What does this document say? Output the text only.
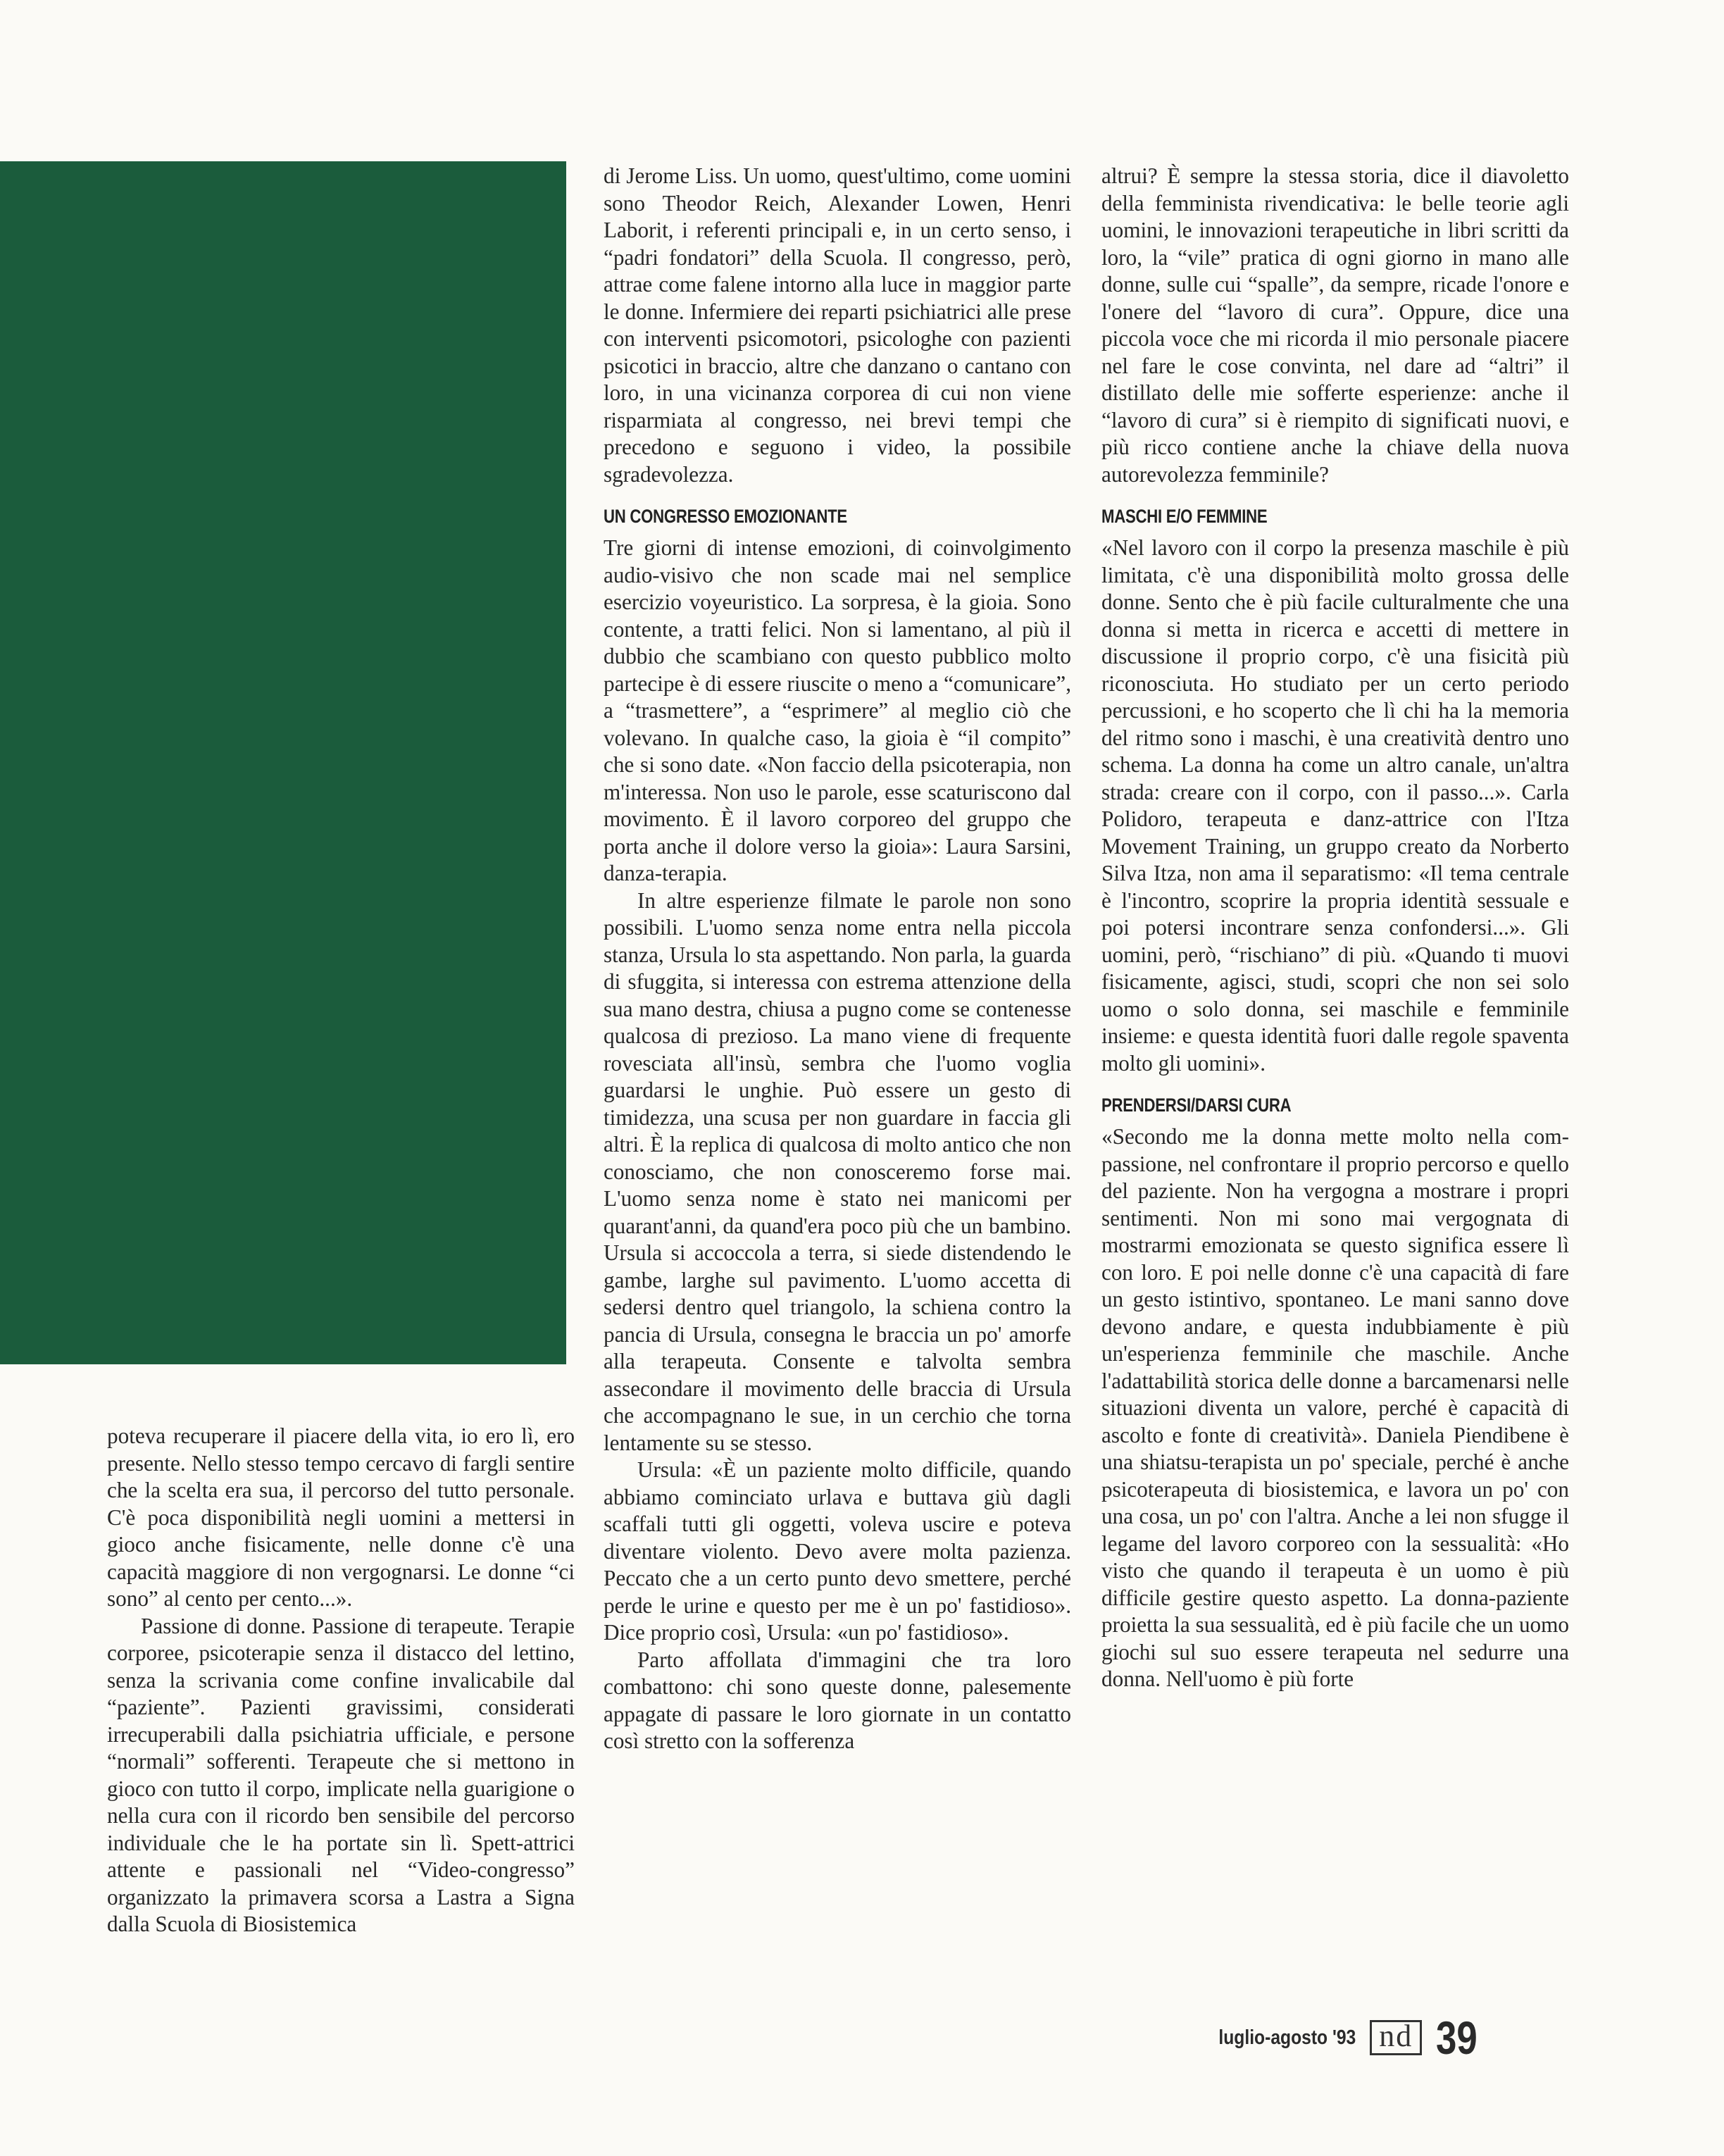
poteva recuperare il piacere della vita, io ero lì, ero presente. Nello stesso tempo cercavo di fargli sentire che la scelta era sua, il percorso del tutto personale. C'è poca disponibilità negli uomini a mettersi in gioco anche fisicamente, nelle donne c'è una capacità maggiore di non vergognarsi. Le donne “ci sono” al cento per cento...».

Passione di donne. Passione di terapeute. Terapie corporee, psicoterapie senza il distacco del lettino, senza la scrivania come confine invalicabile dal “paziente”. Pazienti gravissimi, considerati irrecuperabili dalla psichiatria ufficiale, e persone “normali” sofferenti. Terapeute che si mettono in gioco con tutto il corpo, implicate nella guarigione o nella cura con il ricordo ben sensibile del percorso individuale che le ha portate sin lì. Spett-attrici attente e passionali nel “Video-congresso” organizzato la primavera scorsa a Lastra a Signa dalla Scuola di Biosistemica

di Jerome Liss. Un uomo, quest'ultimo, come uomini sono Theodor Reich, Alexander Lowen, Henri Laborit, i referenti principali e, in un certo senso, i “padri fondatori” della Scuola. Il congresso, però, attrae come falene intorno alla luce in maggior parte le donne. Infermiere dei reparti psichiatrici alle prese con interventi psicomotori, psicologhe con pazienti psicotici in braccio, altre che danzano o cantano con loro, in una vicinanza corporea di cui non viene risparmiata al congresso, nei brevi tempi che precedono e seguono i video, la possibile sgradevolezza.

UN CONGRESSO EMOZIONANTE

Tre giorni di intense emozioni, di coinvolgimento audio-visivo che non scade mai nel semplice esercizio voyeuristico. La sorpresa, è la gioia. Sono contente, a tratti felici. Non si lamentano, al più il dubbio che scambiano con questo pubblico molto partecipe è di essere riuscite o meno a “comunicare”, a “trasmettere”, a “esprimere” al meglio ciò che volevano. In qualche caso, la gioia è “il compito” che si sono date. «Non faccio della psicoterapia, non m'interessa. Non uso le parole, esse scaturiscono dal movimento. È il lavoro corporeo del gruppo che porta anche il dolore verso la gioia»: Laura Sarsini, danza-terapia.

In altre esperienze filmate le parole non sono possibili. L'uomo senza nome entra nella piccola stanza, Ursula lo sta aspettando. Non parla, la guarda di sfuggita, si interessa con estrema attenzione della sua mano destra, chiusa a pugno come se contenesse qualcosa di prezioso. La mano viene di frequente rovesciata all'insù, sembra che l'uomo voglia guardarsi le unghie. Può essere un gesto di timidezza, una scusa per non guardare in faccia gli altri. È la replica di qualcosa di molto antico che non conosciamo, che non conosceremo forse mai. L'uomo senza nome è stato nei manicomi per quarant'anni, da quand'era poco più che un bambino. Ursula si accoccola a terra, si siede distendendo le gambe, larghe sul pavimento. L'uomo accetta di sedersi dentro quel triangolo, la schiena contro la pancia di Ursula, consegna le braccia un po' amorfe alla terapeuta. Consente e talvolta sembra assecondare il movimento delle braccia di Ursula che accompagnano le sue, in un cerchio che torna lentamente su se stesso.

Ursula: «È un paziente molto difficile, quando abbiamo cominciato urlava e buttava giù dagli scaffali tutti gli oggetti, voleva uscire e poteva diventare violento. Devo avere molta pazienza. Peccato che a un certo punto devo smettere, perché perde le urine e questo per me è un po' fastidioso». Dice proprio così, Ursula: «un po' fastidioso».

Parto affollata d'immagini che tra loro combattono: chi sono queste donne, palesemente appagate di passare le loro giornate in un contatto così stretto con la sofferenza

altrui? È sempre la stessa storia, dice il diavoletto della femminista rivendicativa: le belle teorie agli uomini, le innovazioni terapeutiche in libri scritti da loro, la “vile” pratica di ogni giorno in mano alle donne, sulle cui “spalle”, da sempre, ricade l'onore e l'onere del “lavoro di cura”. Oppure, dice una piccola voce che mi ricorda il mio personale piacere nel fare le cose convinta, nel dare ad “altri” il distillato delle mie sofferte esperienze: anche il “lavoro di cura” si è riempito di significati nuovi, e più ricco contiene anche la chiave della nuova autorevolezza femminile?

MASCHI E/O FEMMINE

«Nel lavoro con il corpo la presenza maschile è più limitata, c'è una disponibilità molto grossa delle donne. Sento che è più facile culturalmente che una donna si metta in ricerca e accetti di mettere in discussione il proprio corpo, c'è una fisicità più riconosciuta. Ho studiato per un certo periodo percussioni, e ho scoperto che lì chi ha la memoria del ritmo sono i maschi, è una creatività dentro uno schema. La donna ha come un altro canale, un'altra strada: creare con il corpo, con il passo...». Carla Polidoro, terapeuta e danz-attrice con l'Itza Movement Training, un gruppo creato da Norberto Silva Itza, non ama il separatismo: «Il tema centrale è l'incontro, scoprire la propria identità sessuale e poi potersi incontrare senza confondersi...». Gli uomini, però, “rischiano” di più. «Quando ti muovi fisicamente, agisci, studi, scopri che non sei solo uomo o solo donna, sei maschile e femminile insieme: e questa identità fuori dalle regole spaventa molto gli uomini».

PRENDERSI/DARSI CURA

«Secondo me la donna mette molto nella com-passione, nel confrontare il proprio percorso e quello del paziente. Non ha vergogna a mostrare i propri sentimenti. Non mi sono mai vergognata di mostrarmi emozionata se questo significa essere lì con loro. E poi nelle donne c'è una capacità di fare un gesto istintivo, spontaneo. Le mani sanno dove devono andare, e questa indubbiamente è più un'esperienza femminile che maschile. Anche l'adattabilità storica delle donne a barcamenarsi nelle situazioni diventa un valore, perché è capacità di ascolto e fonte di creatività». Daniela Piendibene è una shiatsu-terapista un po' speciale, perché è anche psicoterapeuta di biosistemica, e lavora un po' con una cosa, un po' con l'altra. Anche a lei non sfugge il legame del lavoro corporeo con la sessualità: «Ho visto che quando il terapeuta è un uomo è più difficile gestire questo aspetto. La donna-paziente proietta la sua sessualità, ed è più facile che un uomo giochi sul suo essere terapeuta nel sedurre una donna. Nell'uomo è più forte

luglio-agosto '93 nd 39
